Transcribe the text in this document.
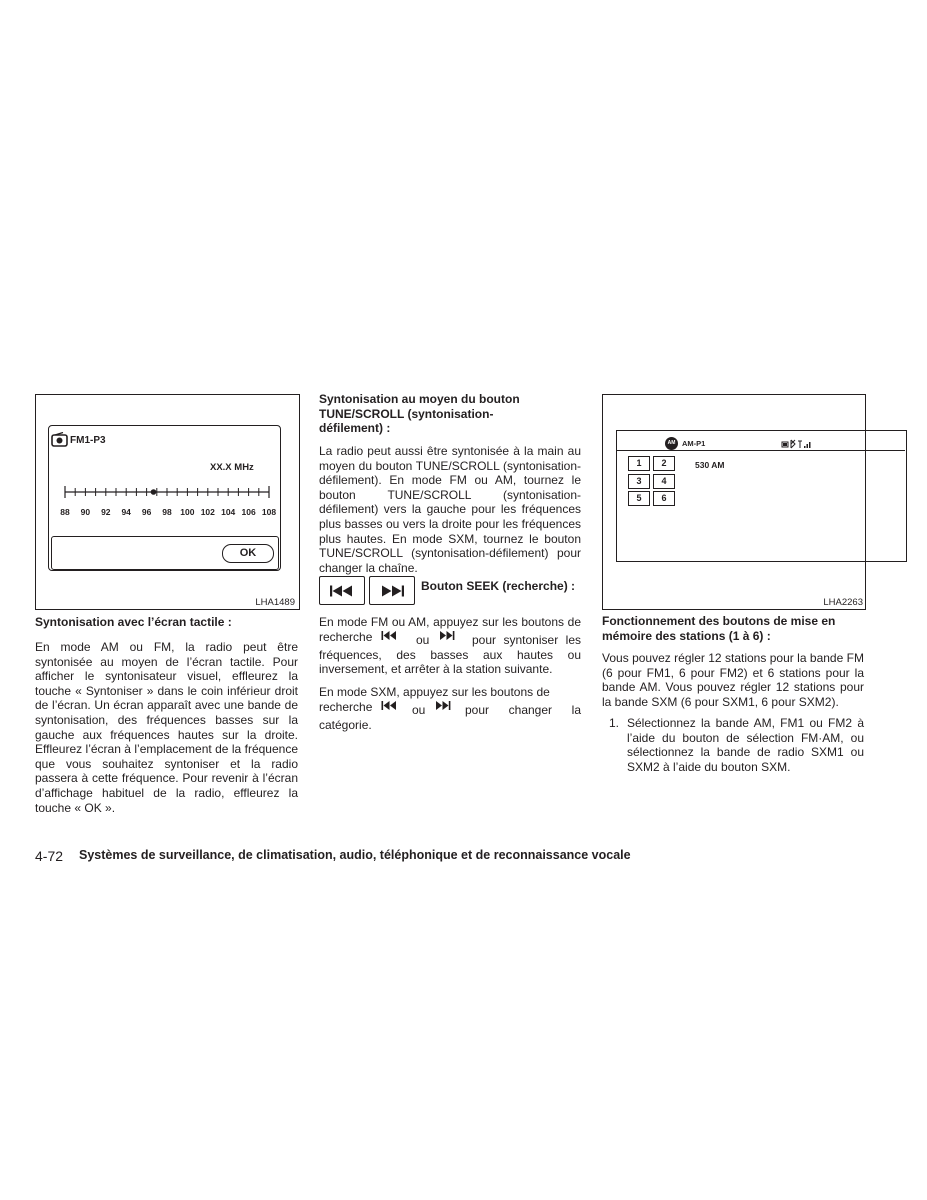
FM1-P3
XX.X MHz
88	90	92	94	96	98	100 102 104 106 108
OK
LHA1489
Syntonisation avec l’écran tactile :

En mode AM ou FM, la radio peut être syntonisée au moyen de l’écran tactile. Pour afficher le syntonisateur visuel, effleurez la touche « Syntoniser » dans le coin inférieur droit de l’écran. Un écran apparaît avec une bande de syntonisation, des fréquences basses sur la gauche aux fréquences hautes sur la droite. Effleurez l’écran à l’emplacement de la fréquence que vous souhaitez syntoniser et la radio passera à cette fréquence. Pour revenir à l’écran d’affichage habituel de la radio, effleurez la touche « OK ».

Syntonisation au moyen du bouton TUNE/SCROLL (syntonisation-défilement) :

La radio peut aussi être syntonisée à la main au moyen du bouton TUNE/SCROLL (syntonisation-défilement). En mode FM ou AM, tournez le bouton TUNE/SCROLL (syntonisation-défilement) vers la gauche pour les fréquences plus basses ou vers la droite pour les fréquences plus hautes. En mode SXM, tournez le bouton TUNE/SCROLL (syntonisation-défilement) pour changer la chaîne.

Bouton SEEK (recherche) :
En mode FM ou AM, appuyez sur les boutons de recherche	ou	pour syntoniser les fréquences, des basses aux hautes ou inversement, et arrêter à la station suivante.

En mode SXM, appuyez sur les boutons de recherche	ou	pour changer la catégorie.

AM AM-P1
530 AM
1	2
3	4
5	6
LHA2263
Fonctionnement des boutons de mise en mémoire des stations (1 à 6) :

Vous pouvez régler 12 stations pour la bande FM (6 pour FM1, 6 pour FM2) et 6 stations pour la bande AM. Vous pouvez régler 12 stations pour la bande SXM (6 pour SXM1, 6 pour SXM2).

1. Sélectionnez la bande AM, FM1 ou FM2 à l’aide du bouton de sélection FM·AM, ou sélectionnez la bande de radio SXM1 ou SXM2 à l’aide du bouton SXM.

4-72 Systèmes de surveillance, de climatisation, audio, téléphonique et de reconnaissance vocale
